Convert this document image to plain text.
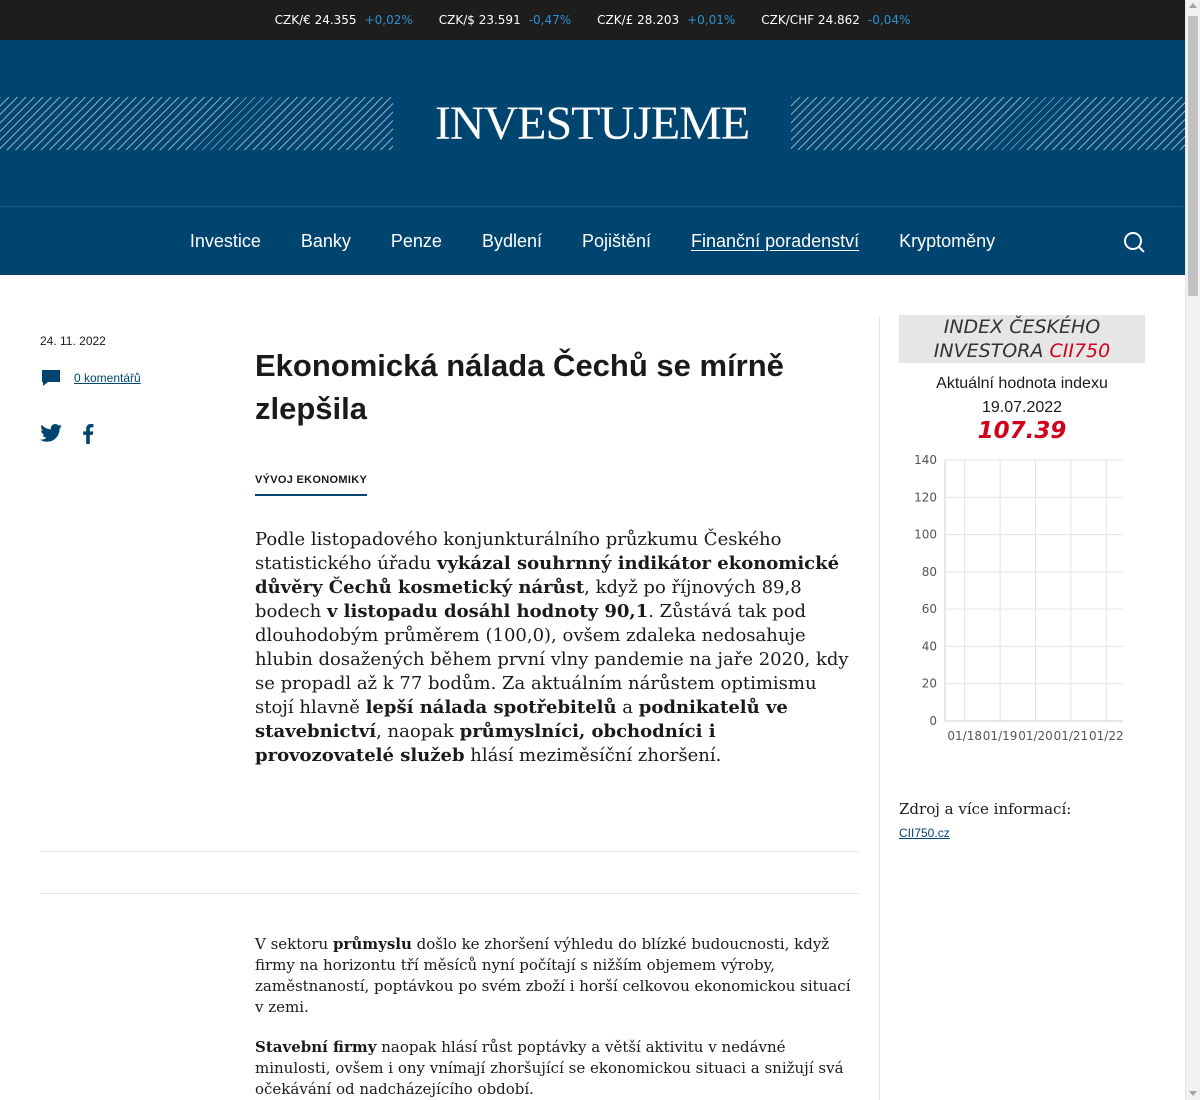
CZK/€ 24.355 +0,02% CZK/$ 23.591 -0,47% CZK/£ 28.203 +0,01% CZK/CHF 24.862 -0,04%
INVESTUJEME
Investice Banky Penze Bydlení Pojištění Finanční poradenství Kryptoměny
24. 11. 2022
0 komentářů	Ekonomická nálada Čechů se mírně zlepšila
VÝVOJ EKONOMIKY

Podle listopadového konjunkturálního průzkumu Českého statistického úřadu vykázal souhrnný indikátor ekonomické důvěry Čechů kosmetický nárůst, když po říjnových 89,8 bodech v listopadu dosáhl hodnoty 90,1. Zůstává tak pod dlouhodobým průměrem (100,0), ovšem zdaleka nedosahuje hlubin dosažených během první vlny pandemie na jaře 2020, kdy se propadl až k 77 bodům. Za aktuálním nárůstem optimismu stojí hlavně lepší nálada spotřebitelů a podnikatelů ve stavebnictví, naopak průmyslníci, obchodníci i provozovatelé služeb hlásí meziměsíční zhoršení.

V sektoru průmyslu došlo ke zhoršení výhledu do blízké budoucnosti, když firmy na horizontu tří měsíců nyní počítají s nižším objemem výroby, zaměstnaností, poptávkou po svém zboží i horší celkovou ekonomickou situací v zemi.

Stavební firmy naopak hlásí růst poptávky a větší aktivitu v nedávné minulosti, ovšem i ony vnímají zhoršující se ekonomickou situaci a snižují svá očekávání od nadcházejícího období.

INDEX ČESKÉHO INVESTORA CII750
Aktuální hodnota indexu
19.07.2022
107.39
0
20
40
60
80
100
120
140
01/18 01/19 01/20 01/21 01/22
Zdroj a více informací:
CII750.cz
